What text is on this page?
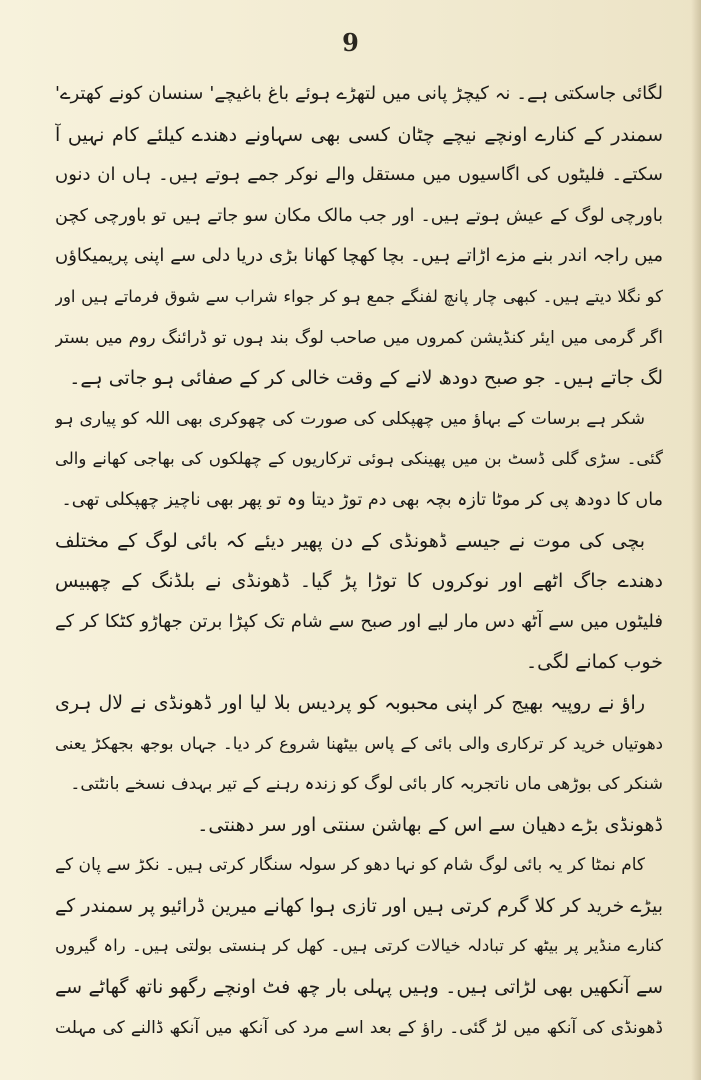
9
لگائی جاسکتی ہے۔ نہ کیچڑ پانی میں لتھڑے ہوئے باغ باغیچے' سنسان کونے کھترے'
سمندر کے کنارے اونچے نیچے چٹان کسی بھی سہاونے دھندے کیلئے کام نہیں آ
سکتے۔ فلیٹوں کی اگاسیوں میں مستقل والے نوکر جمے ہوتے ہیں۔ ہاں ان دنوں
باورچی لوگ کے عیش ہوتے ہیں۔ اور جب مالک مکان سو جاتے ہیں تو باورچی کچن
میں راجہ اندر بنے مزے اڑاتے ہیں۔ بچا کھچا کھانا بڑی دریا دلی سے اپنی پریمیکاؤں
کو نگلا دیتے ہیں۔ کبھی چار پانچ لفنگے جمع ہو کر جواء شراب سے شوق فرماتے ہیں اور
اگر گرمی میں ایئر کنڈیشن کمروں میں صاحب لوگ بند ہوں تو ڈرائنگ روم میں بستر
لگ جاتے ہیں۔ جو صبح دودھ لانے کے وقت خالی کر کے صفائی ہو جاتی ہے۔
شکر ہے برسات کے بہاؤ میں چھپکلی کی صورت کی چھوکری بھی اللہ کو پیاری ہو
گئی۔ سڑی گلی ڈسٹ بن میں پھینکی ہوئی ترکاریوں کے چھلکوں کی بھاجی کھانے والی
ماں کا دودھ پی کر موٹا تازہ بچہ بھی دم توڑ دیتا وہ تو پھر بھی ناچیز چھپکلی تھی۔
بچی کی موت نے جیسے ڈھونڈی کے دن پھیر دیئے کہ بائی لوگ کے مختلف
دھندے جاگ اٹھے اور نوکروں کا توڑا پڑ گیا۔ ڈھونڈی نے بلڈنگ کے چھبیس
فلیٹوں میں سے آٹھ دس مار لیے اور صبح سے شام تک کپڑا برتن جھاڑو کٹکا کر کے
خوب کمانے لگی۔
راؤ نے روپیہ بھیج کر اپنی محبوبہ کو پردیس بلا لیا اور ڈھونڈی نے لال ہری
دھوتیاں خرید کر ترکاری والی بائی کے پاس بیٹھنا شروع کر دیا۔ جہاں بوجھ بجھکڑ یعنی
شنکر کی بوڑھی ماں ناتجربہ کار بائی لوگ کو زندہ رہنے کے تیر بہدف نسخے بانٹتی۔
ڈھونڈی بڑے دھیان سے اس کے بھاشن سنتی اور سر دھنتی۔
کام نمٹا کر یہ بائی لوگ شام کو نہا دھو کر سولہ سنگار کرتی ہیں۔ نکڑ سے پان کے
بیڑے خرید کر کلا گرم کرتی ہیں اور تازی ہوا کھانے میرین ڈرائیو پر سمندر کے
کنارے منڈیر پر بیٹھ کر تبادلہ خیالات کرتی ہیں۔ کھل کر ہنستی بولتی ہیں۔ راہ گیروں
سے آنکھیں بھی لڑاتی ہیں۔ وہیں پہلی بار چھ فٹ اونچے رگھو ناتھ گھاٹے سے
ڈھونڈی کی آنکھ میں لڑ گئی۔ راؤ کے بعد اسے مرد کی آنکھ میں آنکھ ڈالنے کی مہلت
